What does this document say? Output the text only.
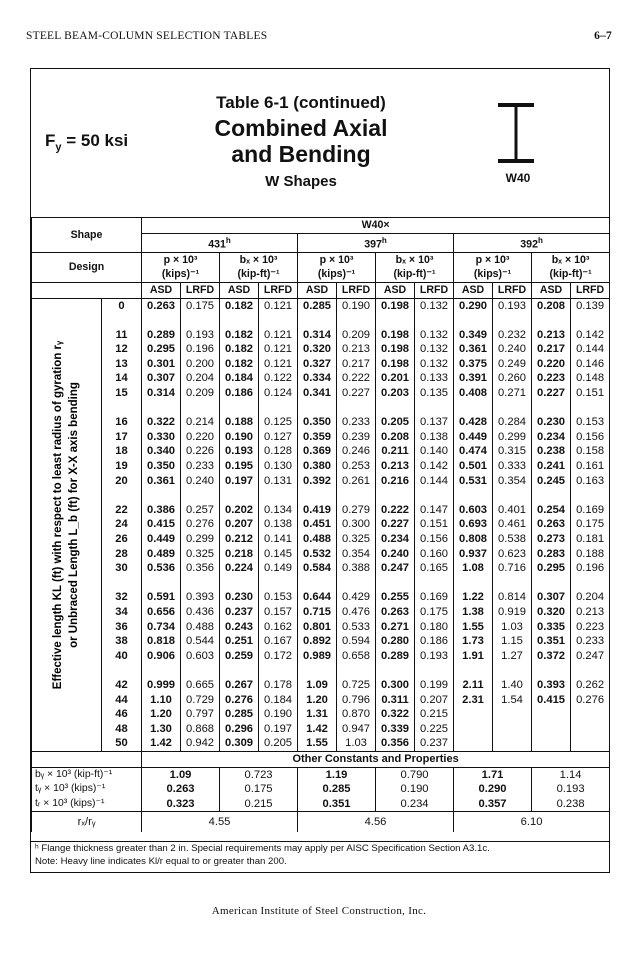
STEEL BEAM-COLUMN SELECTION TABLES	6–7
$F_y = 50$ ksi
Table 6-1 (continued)
Combined Axial
and Bending
W Shapes	W40
Shape		W40×											
		431$^h$				397$^h$				392$^h$
Design		p × 10³		bₓ × 10³		p × 10³		bₓ × 10³		p × 10³		bₓ × 10³	
		(kips)⁻¹		(kip-ft)⁻¹		(kips)⁻¹		(kip-ft)⁻¹		(kips)⁻¹		(kip-ft)⁻¹	
		ASD	LRFD	ASD	LRFD	ASD	LRFD	ASD	LRFD	ASD	LRFD	ASD	LRFD

Effective length KL (ft) with respect to least radius of gyration rᵧ or Unbraced Length L_b (ft) for X-X axis bending	0	0.263	0.175	0.182	0.121	0.285	0.190	0.198	0.132	0.290	0.193	0.208	0.139

	11	0.289	0.193	0.182	0.121	0.314	0.209	0.198	0.132	0.349	0.232	0.213	0.142
	12	0.295	0.196	0.182	0.121	0.320	0.213	0.198	0.132	0.361	0.240	0.217	0.144
	13	0.301	0.200	0.182	0.121	0.327	0.217	0.198	0.132	0.375	0.249	0.220	0.146
	14	0.307	0.204	0.184	0.122	0.334	0.222	0.201	0.133	0.391	0.260	0.223	0.148
	15	0.314	0.209	0.186	0.124	0.341	0.227	0.203	0.135	0.408	0.271	0.227	0.151

	16	0.322	0.214	0.188	0.125	0.350	0.233	0.205	0.137	0.428	0.284	0.230	0.153
	17	0.330	0.220	0.190	0.127	0.359	0.239	0.208	0.138	0.449	0.299	0.234	0.156
	18	0.340	0.226	0.193	0.128	0.369	0.246	0.211	0.140	0.474	0.315	0.238	0.158
	19	0.350	0.233	0.195	0.130	0.380	0.253	0.213	0.142	0.501	0.333	0.241	0.161
	20	0.361	0.240	0.197	0.131	0.392	0.261	0.216	0.144	0.531	0.354	0.245	0.163

	22	0.386	0.257	0.202	0.134	0.419	0.279	0.222	0.147	0.603	0.401	0.254	0.169
	24	0.415	0.276	0.207	0.138	0.451	0.300	0.227	0.151	0.693	0.461	0.263	0.175
	26	0.449	0.299	0.212	0.141	0.488	0.325	0.234	0.156	0.808	0.538	0.273	0.181
	28	0.489	0.325	0.218	0.145	0.532	0.354	0.240	0.160	0.937	0.623	0.283	0.188
	30	0.536	0.356	0.224	0.149	0.584	0.388	0.247	0.165	1.08	0.716	0.295	0.196

	32	0.591	0.393	0.230	0.153	0.644	0.429	0.255	0.169	1.22	0.814	0.307	0.204
	34	0.656	0.436	0.237	0.157	0.715	0.476	0.263	0.175	1.38	0.919	0.320	0.213
	36	0.734	0.488	0.243	0.162	0.801	0.533	0.271	0.180	1.55	1.03	0.335	0.223
	38	0.818	0.544	0.251	0.167	0.892	0.594	0.280	0.186	1.73	1.15	0.351	0.233
	40	0.906	0.603	0.259	0.172	0.989	0.658	0.289	0.193	1.91	1.27	0.372	0.247

	42	0.999	0.665	0.267	0.178	1.09	0.725	0.300	0.199	2.11	1.40	0.393	0.262
	44	1.10	0.729	0.276	0.184	1.20	0.796	0.311	0.207	2.31	1.54	0.415	0.276
	46	1.20	0.797	0.285	0.190	1.31	0.870	0.322	0.215				
	48	1.30	0.868	0.296	0.197	1.42	0.947	0.339	0.225				
	50	1.42	0.942	0.309	0.205	1.55	1.03	0.356	0.237				
		Other Constants and Properties											
bᵧ × 10³ (kip-ft)⁻¹		1.09		0.723		1.19		0.790		1.71		1.14	
tᵧ × 10³ (kips)⁻¹		0.263		0.175		0.285		0.190		0.290		0.193	
tᵣ × 10³ (kips)⁻¹		0.323		0.215		0.351		0.234		0.357		0.238	
rₓ/rᵧ		4.55				4.56				6.10			
ʰ Flange thickness greater than 2 in. Special requirements may apply per AISC Specification Section A3.1c.
Note: Heavy line indicates Kl/r equal to or greater than 200.
American Institute of Steel Construction, Inc.
